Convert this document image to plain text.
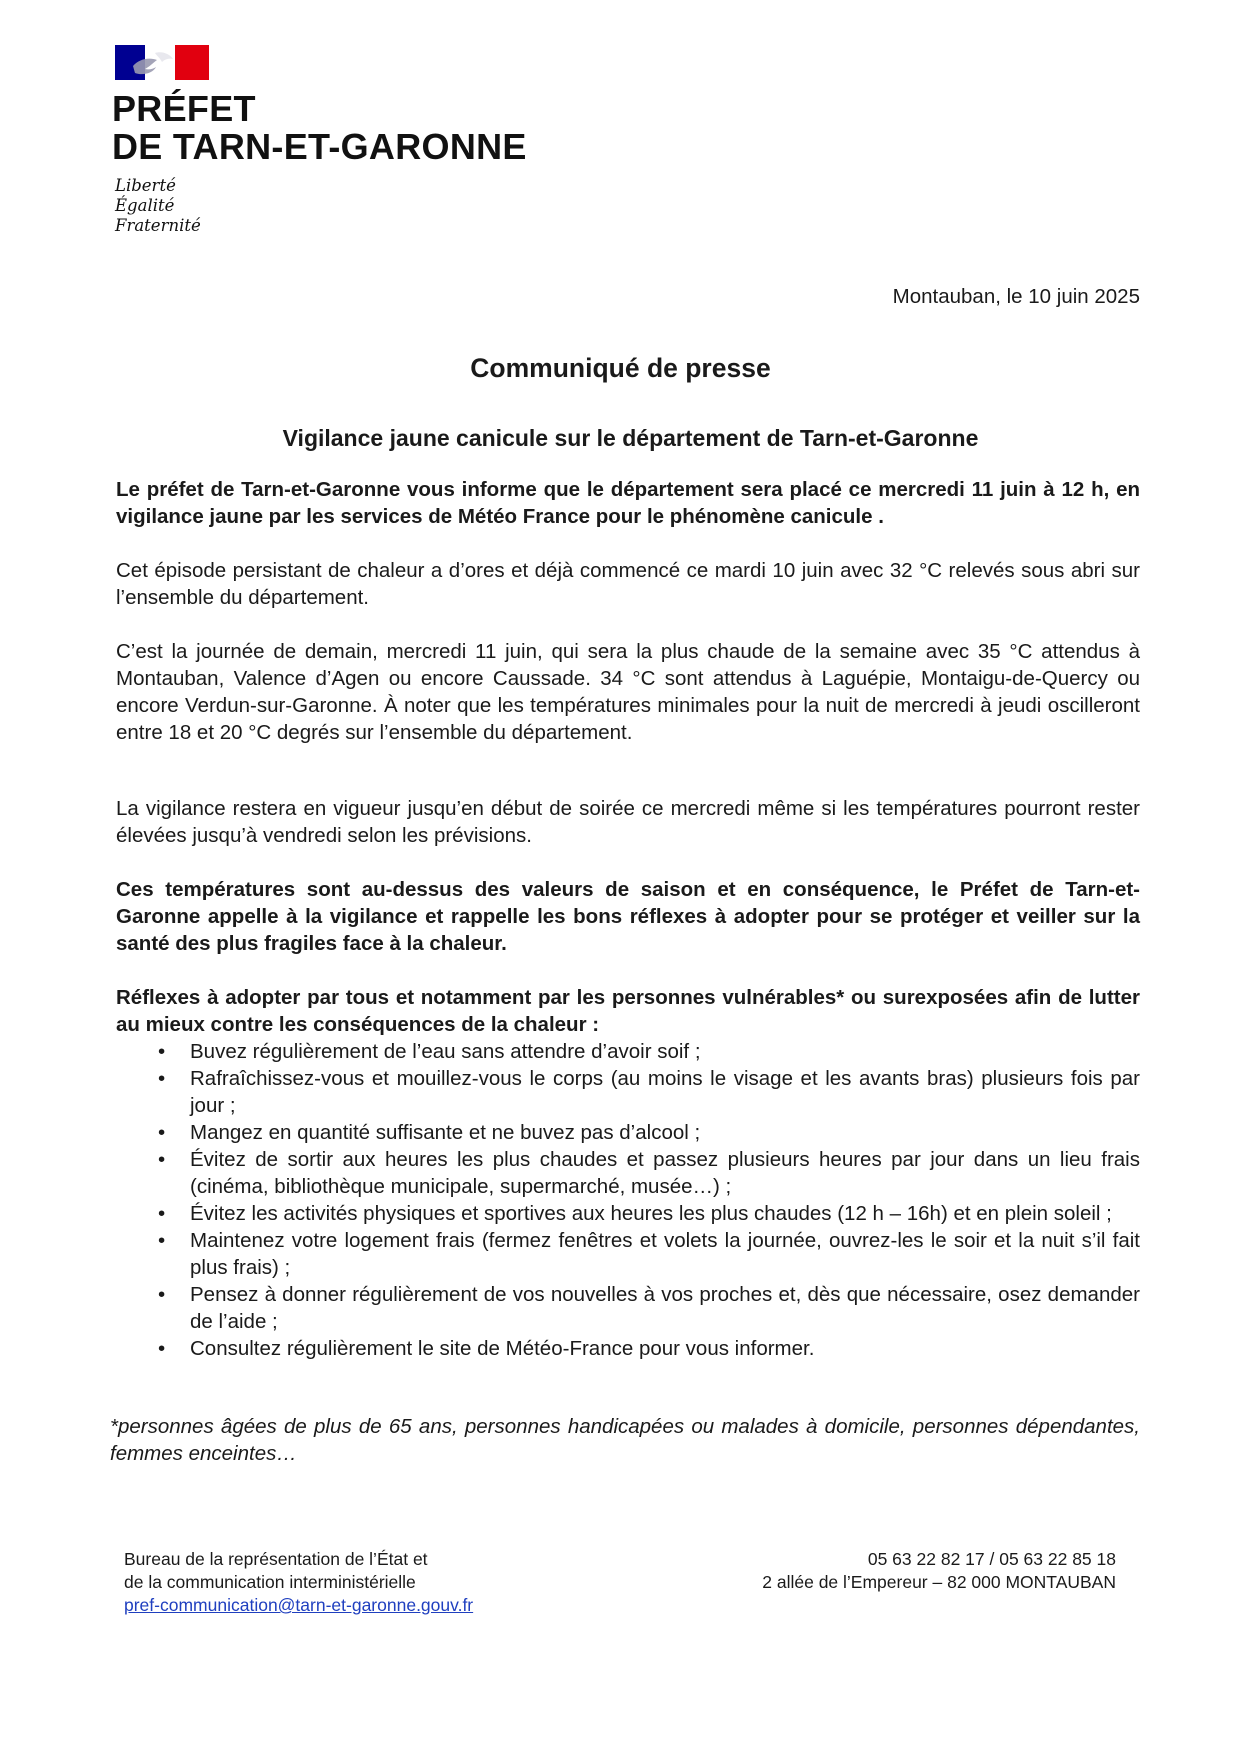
PRÉFET
DE TARN-ET-GARONNE
Liberté
Égalité
Fraternité
Montauban, le 10 juin 2025
Communiqué de presse
Vigilance jaune canicule sur le département de Tarn-et-Garonne
Le préfet de Tarn-et-Garonne vous informe que le département sera placé ce mercredi 11 juin à 12 h, en vigilance jaune par les services de Météo France pour le phénomène canicule .
Cet épisode persistant de chaleur a d’ores et déjà commencé ce mardi 10 juin avec 32 °C relevés sous abri sur l’ensemble du département.
C’est la journée de demain, mercredi 11 juin, qui sera la plus chaude de la semaine avec 35 °C attendus à Montauban, Valence d’Agen ou encore Caussade. 34 °C sont attendus à Laguépie, Montaigu-de-Quercy ou encore Verdun-sur-Garonne. À noter que les températures minimales pour la nuit de mercredi à jeudi oscilleront entre 18 et 20 °C degrés sur l’ensemble du département.
La vigilance restera en vigueur jusqu’en début de soirée ce mercredi même si les températures pourront rester élevées jusqu’à vendredi selon les prévisions.
Ces températures sont au-dessus des valeurs de saison et en conséquence, le Préfet de Tarn-et-Garonne appelle à la vigilance et rappelle les bons réflexes à adopter pour se protéger et veiller sur la santé des plus fragiles face à la chaleur.
Réflexes à adopter par tous et notamment par les personnes vulnérables* ou surexposées afin de lutter au mieux contre les conséquences de la chaleur :
• Buvez régulièrement de l’eau sans attendre d’avoir soif ;
• Rafraîchissez-vous et mouillez-vous le corps (au moins le visage et les avants bras) plusieurs fois par jour ;
• Mangez en quantité suffisante et ne buvez pas d’alcool ;
• Évitez de sortir aux heures les plus chaudes et passez plusieurs heures par jour dans un lieu frais (cinéma, bibliothèque municipale, supermarché, musée…) ;
• Évitez les activités physiques et sportives aux heures les plus chaudes (12 h – 16h) et en plein soleil ;
• Maintenez votre logement frais (fermez fenêtres et volets la journée, ouvrez-les le soir et la nuit s’il fait plus frais) ;
• Pensez à donner régulièrement de vos nouvelles à vos proches et, dès que nécessaire, osez demander de l’aide ;
• Consultez régulièrement le site de Météo-France pour vous informer.
*personnes âgées de plus de 65 ans, personnes handicapées ou malades à domicile, personnes dépendantes, femmes enceintes…
Bureau de la représentation de l’État et
de la communication interministérielle
pref-communication@tarn-et-garonne.gouv.fr
05 63 22 82 17 / 05 63 22 85 18
2 allée de l’Empereur – 82 000 MONTAUBAN
